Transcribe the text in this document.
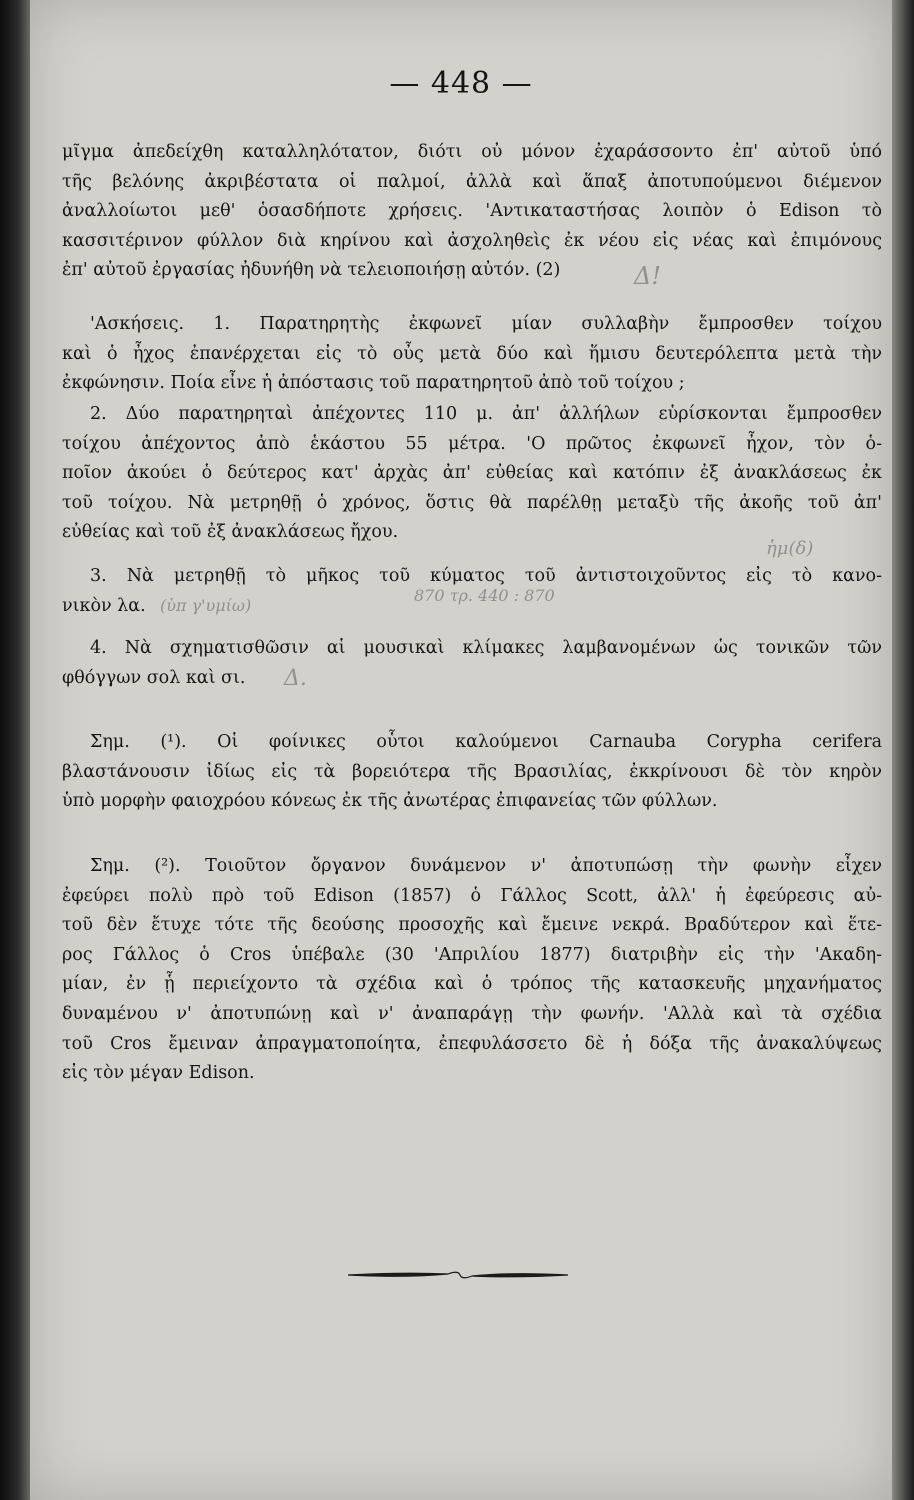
— 448 —
μῖγμα ἀπεδείχθη καταλληλότατον, διότι οὐ μόνον ἐχαράσσοντο ἐπ' αὐτοῦ ὑπό
τῆς βελόνης ἀκριβέστατα οἱ παλμοί, ἀλλὰ καὶ ἅπαξ ἀποτυπούμενοι διέμενον
ἀναλλοίωτοι μεθ' ὁσασδήποτε χρήσεις. 'Αντικαταστήσας λοιπὸν ὁ Edison τὸ
κασσιτέρινον φύλλον διὰ κηρίνου καὶ ἀσχοληθεὶς ἐκ νέου εἰς νέας καὶ ἐπιμόνους
ἐπ' αὐτοῦ ἐργασίας ἠδυνήθη νὰ τελειοποιήσῃ αὐτόν. (2)	Δ!
'Ασκήσεις. 1. Παρατηρητὴς ἐκφωνεῖ μίαν συλλαβὴν ἔμπροσθεν τοίχου
καὶ ὁ ἦχος ἐπανέρχεται εἰς τὸ οὖς μετὰ δύο καὶ ἥμισυ δευτερόλεπτα μετὰ τὴν
ἐκφώνησιν. Ποία εἶνε ἡ ἀπόστασις τοῦ παρατηρητοῦ ἀπὸ τοῦ τοίχου ;
2. Δύο παρατηρηταὶ ἀπέχοντες 110 μ. ἀπ' ἀλλήλων εὑρίσκονται ἔμπροσθεν
τοίχου ἀπέχοντος ἀπὸ ἑκάστου 55 μέτρα. 'Ο πρῶτος ἐκφωνεῖ ἦχον, τὸν ὁ-
ποῖον ἀκούει ὁ δεύτερος κατ' ἀρχὰς ἀπ' εὐθείας καὶ κατόπιν ἐξ ἀνακλάσεως ἐκ
τοῦ τοίχου. Νὰ μετρηθῇ ὁ χρόνος, ὅστις θὰ παρέλθῃ μεταξὺ τῆς ἀκοῆς τοῦ ἀπ'
εὐθείας καὶ τοῦ ἐξ ἀνακλάσεως ἤχου.
ἡμ(δ)
3. Νὰ μετρηθῇ τὸ μῆκος τοῦ κύματος τοῦ ἀντιστοιχοῦντος εἰς τὸ κανο-
νικὸν λα. (ὑπ γ'υμίω)
870 τρ. 440 : 870
4. Νὰ σχηματισθῶσιν αἱ μουσικαὶ κλίμακες λαμβανομένων ὡς τονικῶν τῶν
φθόγγων σολ καὶ σι.	Δ.
Σημ. (¹). Οἱ φοίνικες οὗτοι καλούμενοι Carnauba Corypha cerifera
βλαστάνουσιν ἰδίως εἰς τὰ βορειότερα τῆς Βρασιλίας, ἐκκρίνουσι δὲ τὸν κηρὸν
ὑπὸ μορφὴν φαιοχρόου κόνεως ἐκ τῆς ἀνωτέρας ἐπιφανείας τῶν φύλλων.
Σημ. (²). Τοιοῦτον ὄργανον δυνάμενον ν' ἀποτυπώσῃ τὴν φωνὴν εἶχεν
ἐφεύρει πολὺ πρὸ τοῦ Edison (1857) ὁ Γάλλος Scott, ἀλλ' ἡ ἐφεύρεσις αὐ-
τοῦ δὲν ἔτυχε τότε τῆς δεούσης προσοχῆς καὶ ἔμεινε νεκρά. Βραδύτερον καὶ ἕτε-
ρος Γάλλος ὁ Cros ὑπέβαλε (30 'Απριλίου 1877) διατριβὴν εἰς τὴν 'Ακαδη-
μίαν, ἐν ᾗ περιείχοντο τὰ σχέδια καὶ ὁ τρόπος τῆς κατασκευῆς μηχανήματος
δυναμένου ν' ἀποτυπώνῃ καὶ ν' ἀναπαράγῃ τὴν φωνήν. 'Αλλὰ καὶ τὰ σχέδια
τοῦ Cros ἔμειναν ἀπραγματοποίητα, ἐπεφυλάσσετο δὲ ἡ δόξα τῆς ἀνακαλύψεως
εἰς τὸν μέγαν Edison.
